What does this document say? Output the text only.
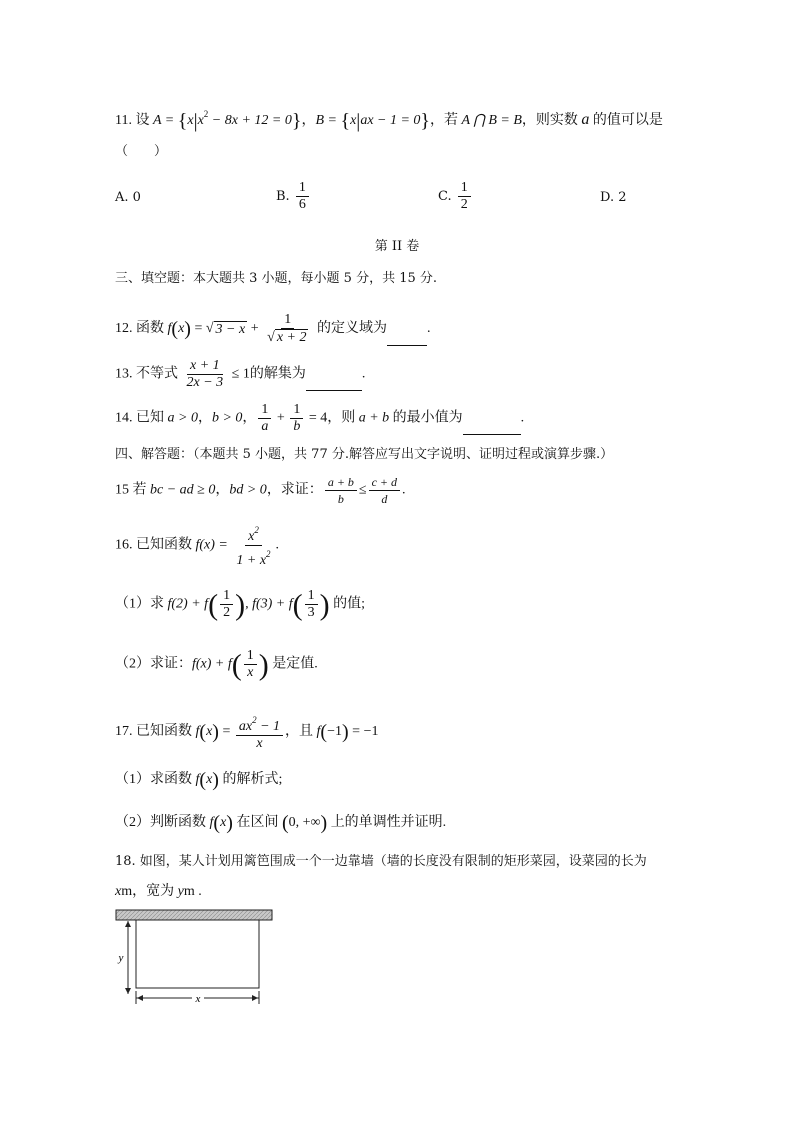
11. 设 $A = \{x|x^2 - 8x + 12 = 0\}$，B = {x|ax − 1 = 0}，若 A ⋂ B = B，则实数 a 的值可以是
（　　）
A. 0	B. $\frac{1}{6}$	C. $\frac{1}{2}$	D. 2
第 II 卷
三、填空题：本大题共 3 小题，每小题 5 分，共 15 分.
12. 函数 f(x) = √ $3 - x + \frac{1}{√ x + 2}$ 的定义域为	.
13. 不等式 $\frac{x + 1}{2x - 3} \le 1$的解集为	.
14. 已知 a > 0，b > 0， $\frac{1}{a} + \frac{1}{b} = 4$，则 a + b 的最小值为	.
四、解答题：（本题共 5 小题，共 77 分.解答应写出文字说明、证明过程或演算步骤.）
15 若 bc − ad ≥ 0，bd > 0，求证： $\frac{a + b}{b} \le \frac{c + d}{d}$ .
16. 已知函数 $f(x) = \frac{x^2}{1 + x^2}$ .
（1）求 $f(2) + f( \frac{1}{2}$ ), $f(3) + f( \frac{1}{3}$ ) 的值;
（2）求证：$f(x) + f( \frac{1}{x}$ ) 是定值.
17. 已知函数 $f(x) = \frac{ax^2 - 1}{x}$ ，且 f(−1) = −1
（1）求函数 f(x) 的解析式;
（2）判断函数 f(x) 在区间 (0, +∞) 上的单调性并证明.
18. 如图，某人计划用篱笆围成一个一边靠墙（墙的长度没有限制的矩形菜园，设菜园的长为
xm，宽为 ym .
y
x
